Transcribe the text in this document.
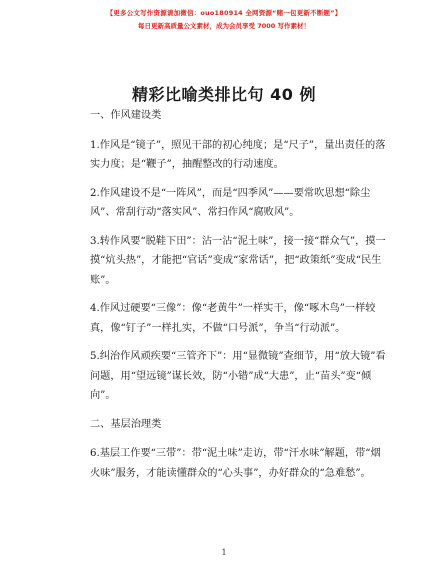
【更多公文写作资源请加微信：ouo180914 全网资源“赌一包更新不断题”】
每日更新高质量公文素材，成为会员享受 7000 写作素材！
精彩比喻类排比句 40 例
一、作风建设类

1.作风是“镜子”，照见干部的初心纯度；是“尺子”，量出责任的落实力度；是“鞭子”，抽醒整改的行动速度。

2.作风建设不是“一阵风”，而是“四季风”——要常吹思想“除尘风”、常刮行动“落实风”、常扫作风“腐败风”。

3.转作风要“脱鞋下田”：沾一沾“泥土味”，接一接“群众气”，摸一摸“炕头热”，才能把“官话”变成“家常话”，把“政策纸”变成“民生账”。

4.作风过硬要“三像”：像“老黄牛”一样实干，像“啄木鸟”一样较真，像“钉子”一样扎实，不做“口号派”，争当“行动派”。

5.纠治作风顽疾要“三管齐下”：用“显微镜”查细节，用“放大镜”看问题，用“望远镜”谋长效，防“小错”成“大患”，止“苗头”变“倾向”。

二、基层治理类

6.基层工作要“三带”：带“泥土味”走访，带“汗水味”解题，带“烟火味”服务，才能读懂群众的“心头事”，办好群众的“急难愁”。

1
